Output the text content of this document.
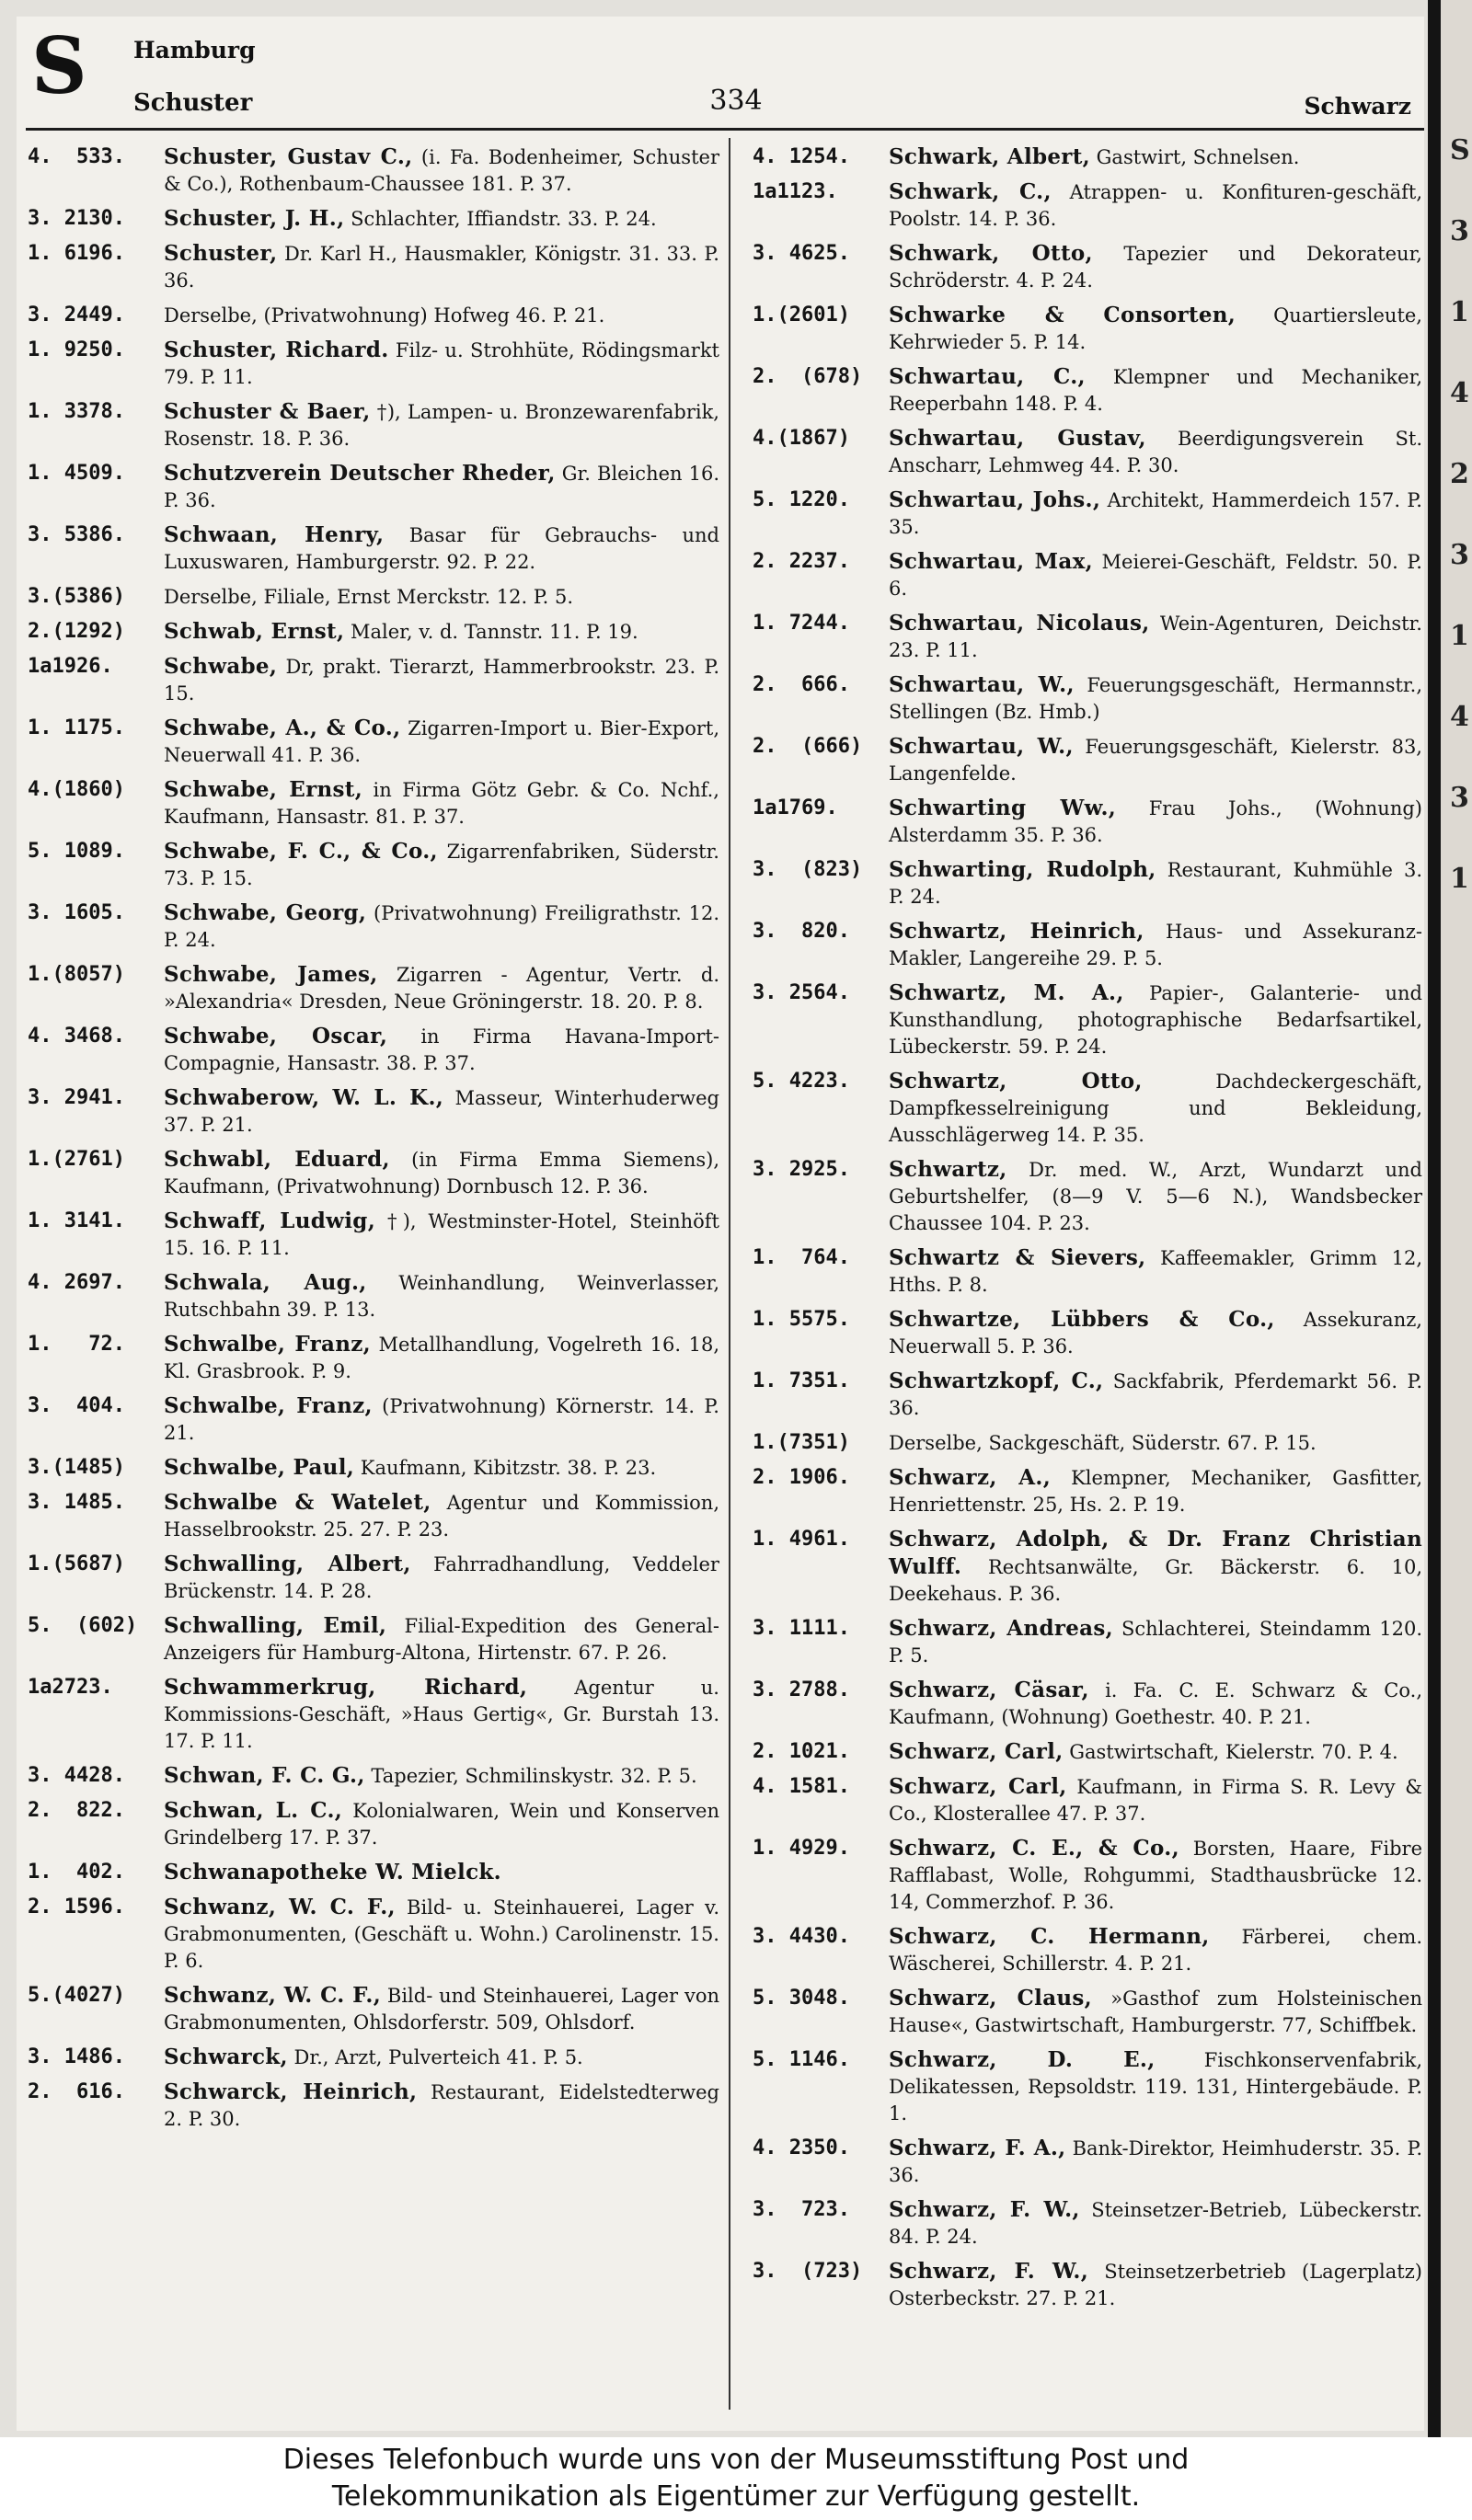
S 3 1 4 2 3 1 4 3 1
S Hamburg
Schuster	334	Schwarz
4.  533.	Schuster, Gustav C., (i. Fa. Bodenheimer, Schuster & Co.), Rothenbaum-Chaussee 181. P. 37.
3. 2130.	Schuster, J. H., Schlachter, Iffiandstr. 33. P. 24.
1. 6196.	Schuster, Dr. Karl H., Hausmakler, Königstr. 31. 33. P. 36.
3. 2449.	Derselbe, (Privatwohnung) Hofweg 46. P. 21.
1. 9250.	Schuster, Richard. Filz- u. Strohhüte, Rödingsmarkt 79. P. 11.
1. 3378.	Schuster & Baer, †), Lampen- u. Bronzewarenfabrik, Rosenstr. 18. P. 36.
1. 4509.	Schutzverein Deutscher Rheder, Gr. Bleichen 16. P. 36.
3. 5386.	Schwaan, Henry, Basar für Gebrauchs- und Luxuswaren, Hamburgerstr. 92. P. 22.
3.(5386)	Derselbe, Filiale, Ernst Merckstr. 12. P. 5.
2.(1292)	Schwab, Ernst, Maler, v. d. Tannstr. 11. P. 19.
1a1926.	Schwabe, Dr, prakt. Tierarzt, Hammerbrookstr. 23. P. 15.
1. 1175.	Schwabe, A., & Co., Zigarren-Import u. Bier-Export, Neuerwall 41. P. 36.
4.(1860)	Schwabe, Ernst, in Firma Götz Gebr. & Co. Nchf., Kaufmann, Hansastr. 81. P. 37.
5. 1089.	Schwabe, F. C., & Co., Zigarrenfabriken, Süderstr. 73. P. 15.
3. 1605.	Schwabe, Georg, (Privatwohnung) Freiligrathstr. 12. P. 24.
1.(8057)	Schwabe, James, Zigarren - Agentur, Vertr. d. »Alexandria« Dresden, Neue Gröningerstr. 18. 20. P. 8.
4. 3468.	Schwabe, Oscar, in Firma Havana-Import-Compagnie, Hansastr. 38. P. 37.
3. 2941.	Schwaberow, W. L. K., Masseur, Winterhuderweg 37. P. 21.
1.(2761)	Schwabl, Eduard, (in Firma Emma Siemens), Kaufmann, (Privatwohnung) Dornbusch 12. P. 36.
1. 3141.	Schwaff, Ludwig, †), Westminster-Hotel, Steinhöft 15. 16. P. 11.
4. 2697.	Schwala, Aug., Weinhandlung, Weinverlasser, Rutschbahn 39. P. 13.
1.   72.	Schwalbe, Franz, Metallhandlung, Vogelreth 16. 18, Kl. Grasbrook. P. 9.
3.  404.	Schwalbe, Franz, (Privatwohnung) Körnerstr. 14. P. 21.
3.(1485)	Schwalbe, Paul, Kaufmann, Kibitzstr. 38. P. 23.
3. 1485.	Schwalbe & Watelet, Agentur und Kommission, Hasselbrookstr. 25. 27. P. 23.
1.(5687)	Schwalling, Albert, Fahrradhandlung, Veddeler Brückenstr. 14. P. 28.
5.  (602)	Schwalling, Emil, Filial-Expedition des General-Anzeigers für Hamburg-Altona, Hirtenstr. 67. P. 26.
1a2723.	Schwammerkrug, Richard, Agentur u. Kommissions-Geschäft, »Haus Gertig«, Gr. Burstah 13. 17. P. 11.
3. 4428.	Schwan, F. C. G., Tapezier, Schmilinskystr. 32. P. 5.
2.  822.	Schwan, L. C., Kolonialwaren, Wein und Konserven Grindelberg 17. P. 37.
1.  402.	Schwanapotheke W. Mielck.
2. 1596.	Schwanz, W. C. F., Bild- u. Steinhauerei, Lager v. Grabmonumenten, (Geschäft u. Wohn.) Carolinenstr. 15. P. 6.
5.(4027)	Schwanz, W. C. F., Bild- und Steinhauerei, Lager von Grabmonumenten, Ohlsdorferstr. 509, Ohlsdorf.
3. 1486.	Schwarck, Dr., Arzt, Pulverteich 41. P. 5.
2.  616.	Schwarck, Heinrich, Restaurant, Eidelstedterweg 2. P. 30.
4. 1254.	Schwark, Albert, Gastwirt, Schnelsen.
1a1123.	Schwark, C., Atrappen- u. Konfituren-geschäft, Poolstr. 14. P. 36.
3. 4625.	Schwark, Otto, Tapezier und Dekorateur, Schröderstr. 4. P. 24.
1.(2601)	Schwarke & Consorten, Quartiersleute, Kehrwieder 5. P. 14.
2.  (678)	Schwartau, C., Klempner und Mechaniker, Reeperbahn 148. P. 4.
4.(1867)	Schwartau, Gustav, Beerdigungsverein St. Anscharr, Lehmweg 44. P. 30.
5. 1220.	Schwartau, Johs., Architekt, Hammerdeich 157. P. 35.
2. 2237.	Schwartau, Max, Meierei-Geschäft, Feldstr. 50. P. 6.
1. 7244.	Schwartau, Nicolaus, Wein-Agenturen, Deichstr. 23. P. 11.
2.  666.	Schwartau, W., Feuerungsgeschäft, Hermannstr., Stellingen (Bz. Hmb.)
2.  (666)	Schwartau, W., Feuerungsgeschäft, Kielerstr. 83, Langenfelde.
1a1769.	Schwarting Ww., Frau Johs., (Wohnung) Alsterdamm 35. P. 36.
3.  (823)	Schwarting, Rudolph, Restaurant, Kuhmühle 3. P. 24.
3.  820.	Schwartz, Heinrich, Haus- und Assekuranz-Makler, Langereihe 29. P. 5.
3. 2564.	Schwartz, M. A., Papier-, Galanterie- und Kunsthandlung, photographische Bedarfsartikel, Lübeckerstr. 59. P. 24.
5. 4223.	Schwartz, Otto,	Dachdeckergeschäft, Dampfkesselreinigung und Bekleidung, Ausschlägerweg 14. P. 35.
3. 2925.	Schwartz, Dr. med. W., Arzt, Wundarzt und Geburtshelfer, (8—9 V. 5—6 N.), Wandsbecker Chaussee 104. P. 23.
1.  764.	Schwartz & Sievers, Kaffeemakler, Grimm 12, Hths. P. 8.
1. 5575.	Schwartze, Lübbers & Co., Assekuranz, Neuerwall 5. P. 36.
1. 7351.	Schwartzkopf, C., Sackfabrik, Pferdemarkt 56. P. 36.
1.(7351)	Derselbe, Sackgeschäft, Süderstr. 67. P. 15.
2. 1906.	Schwarz, A., Klempner, Mechaniker, Gasfitter, Henriettenstr. 25, Hs. 2. P. 19.
1. 4961.	Schwarz, Adolph, & Dr. Franz Christian Wulff. Rechtsanwälte, Gr. Bäckerstr. 6. 10, Deekehaus. P. 36.
3. 1111.	Schwarz, Andreas, Schlachterei, Steindamm 120. P. 5.
3. 2788.	Schwarz, Cäsar, i. Fa. C. E. Schwarz & Co., Kaufmann, (Wohnung) Goethestr. 40. P. 21.
2. 1021.	Schwarz, Carl, Gastwirtschaft, Kielerstr. 70. P. 4.
4. 1581.	Schwarz, Carl, Kaufmann, in Firma S. R. Levy & Co., Klosterallee 47. P. 37.
1. 4929.	Schwarz, C. E., & Co., Borsten, Haare, Fibre Rafflabast, Wolle, Rohgummi, Stadthausbrücke 12. 14, Commerzhof. P. 36.
3. 4430.	Schwarz, C. Hermann, Färberei, chem. Wäscherei, Schillerstr. 4. P. 21.
5. 3048.	Schwarz, Claus, »Gasthof zum Holsteinischen Hause«, Gastwirtschaft, Hamburgerstr. 77, Schiffbek.
5. 1146.	Schwarz, D. E.,	Fischkonservenfabrik, Delikatessen, Repsoldstr. 119. 131, Hintergebäude. P. 1.
4. 2350.	Schwarz, F. A., Bank-Direktor, Heimhuderstr. 35. P. 36.
3.  723.	Schwarz, F. W., Steinsetzer-Betrieb, Lübeckerstr. 84. P. 24.
3.  (723)	Schwarz, F. W., Steinsetzerbetrieb (Lagerplatz) Osterbeckstr. 27. P. 21.
Dieses Telefonbuch wurde uns von der Museumsstiftung Post und
Telekommunikation als Eigentümer zur Verfügung gestellt.
